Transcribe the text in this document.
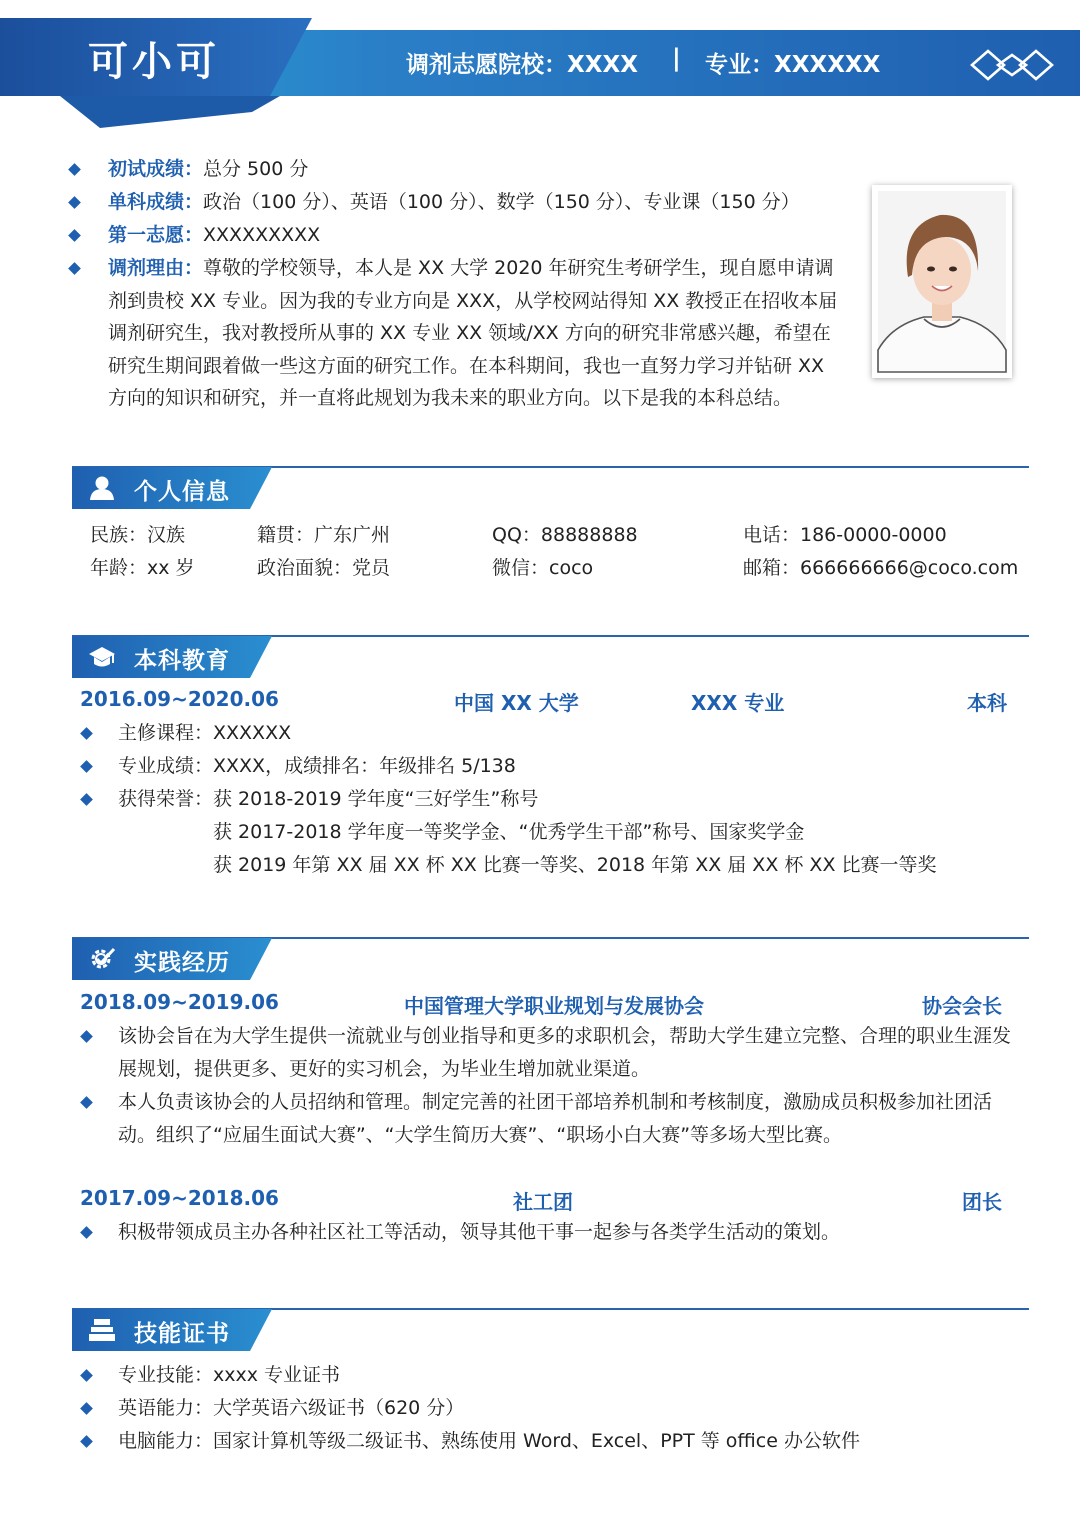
可小可	调剂志愿院校：XXXX | 专业：XXXXXX
初试成绩：总分 500 分
单科成绩：政治（100 分）、英语（100 分）、数学（150 分）、专业课（150 分）
第一志愿：XXXXXXXXX
调剂理由：尊敬的学校领导，本人是 XX 大学 2020 年研究生考研学生，现自愿申请调剂到贵校 XX 专业。因为我的专业方向是 XXX，从学校网站得知 XX 教授正在招收本届调剂研究生，我对教授所从事的 XX 专业 XX 领域/XX 方向的研究非常感兴趣，希望在研究生期间跟着做一些这方面的研究工作。在本科期间，我也一直努力学习并钻研 XX 方向的知识和研究，并一直将此规划为我未来的职业方向。以下是我的本科总结。
个人信息
民族：汉族	籍贯：广东广州	QQ：88888888	电话：186-0000-0000
年龄：xx 岁	政治面貌：党员	微信：coco	邮箱：666666666@coco.com
本科教育
2016.09~2020.06	中国 XX 大学	XXX 专业	本科
主修课程：XXXXXX
专业成绩：XXXX，成绩排名：年级排名 5/138
获得荣誉： 获 2018-2019 学年度“三好学生”称号
获 2017-2018 学年度一等奖学金、“优秀学生干部”称号、国家奖学金
获 2019 年第 XX 届 XX 杯 XX 比赛一等奖、2018 年第 XX 届 XX 杯 XX 比赛一等奖
实践经历
2018.09~2019.06	中国管理大学职业规划与发展协会	协会会长
该协会旨在为大学生提供一流就业与创业指导和更多的求职机会，帮助大学生建立完整、合理的职业生涯发展规划，提供更多、更好的实习机会，为毕业生增加就业渠道。
本人负责该协会的人员招纳和管理。制定完善的社团干部培养机制和考核制度，激励成员积极参加社团活动。组织了“应届生面试大赛”、“大学生简历大赛”、“职场小白大赛”等多场大型比赛。
2017.09~2018.06	社工团	团长
积极带领成员主办各种社区社工等活动，领导其他干事一起参与各类学生活动的策划。
技能证书
专业技能：xxxx 专业证书
英语能力：大学英语六级证书（620 分）
电脑能力：国家计算机等级二级证书、熟练使用 Word、Excel、PPT 等 office 办公软件
